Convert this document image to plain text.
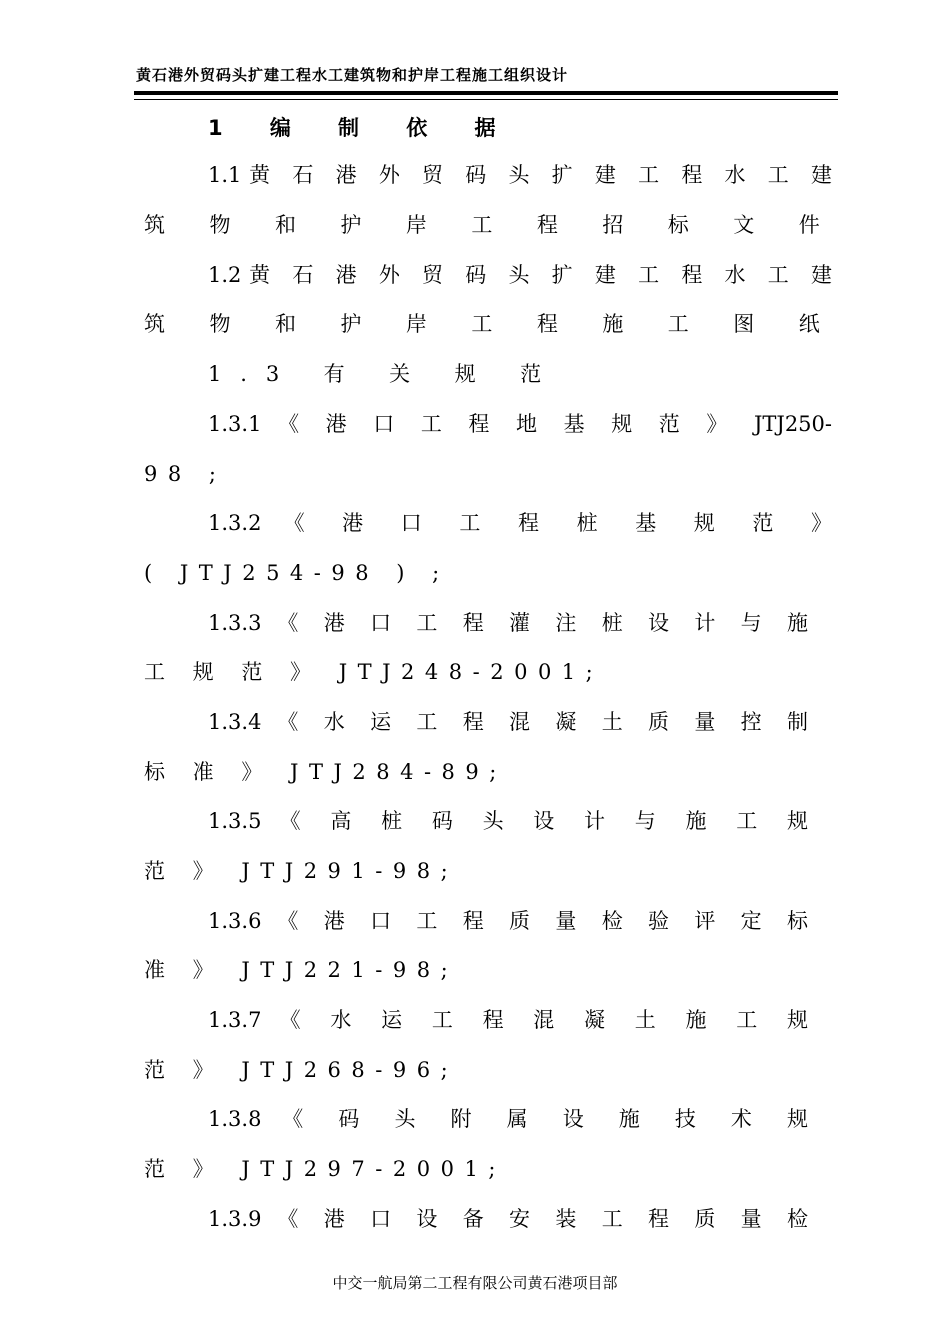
黄石港外贸码头扩建工程水工建筑物和护岸工程施工组织设计
1 编 制 依 据
1.1黄 石 港 外 贸 码 头 扩 建 工 程 水 工 建
筑 物 和 护 岸 工 程 招 标 文 件
1.2黄 石 港 外 贸 码 头 扩 建 工 程 水 工 建
筑 物 和 护 岸 工 程 施 工 图 纸
1.3 有 关 规 范
1.3.1 《 港 口 工 程 地 基 规 范 》 JTJ250-
98 ;
1.3.2 《 港 口 工 程 桩 基 规 范 》
( JTJ254-98 ) ;
1.3.3 《 港 口 工 程 灌 注 桩 设 计 与 施
工 规 范 》 JTJ248-2001;
1.3.4 《 水 运 工 程 混 凝 土 质 量 控 制
标 准 》 JTJ284-89;
1.3.5 《 高 桩 码 头 设 计 与 施 工 规
范 》 JTJ291-98;
1.3.6 《 港 口 工 程 质 量 检 验 评 定 标
准 》 JTJ221-98;
1.3.7 《 水 运 工 程 混 凝 土 施 工 规
范 》 JTJ268-96;
1.3.8 《 码 头 附 属 设 施 技 术 规
范 》 JTJ297-2001;
1.3.9 《 港 口 设 备 安 装 工 程 质 量 检
中交一航局第二工程有限公司黄石港项目部
